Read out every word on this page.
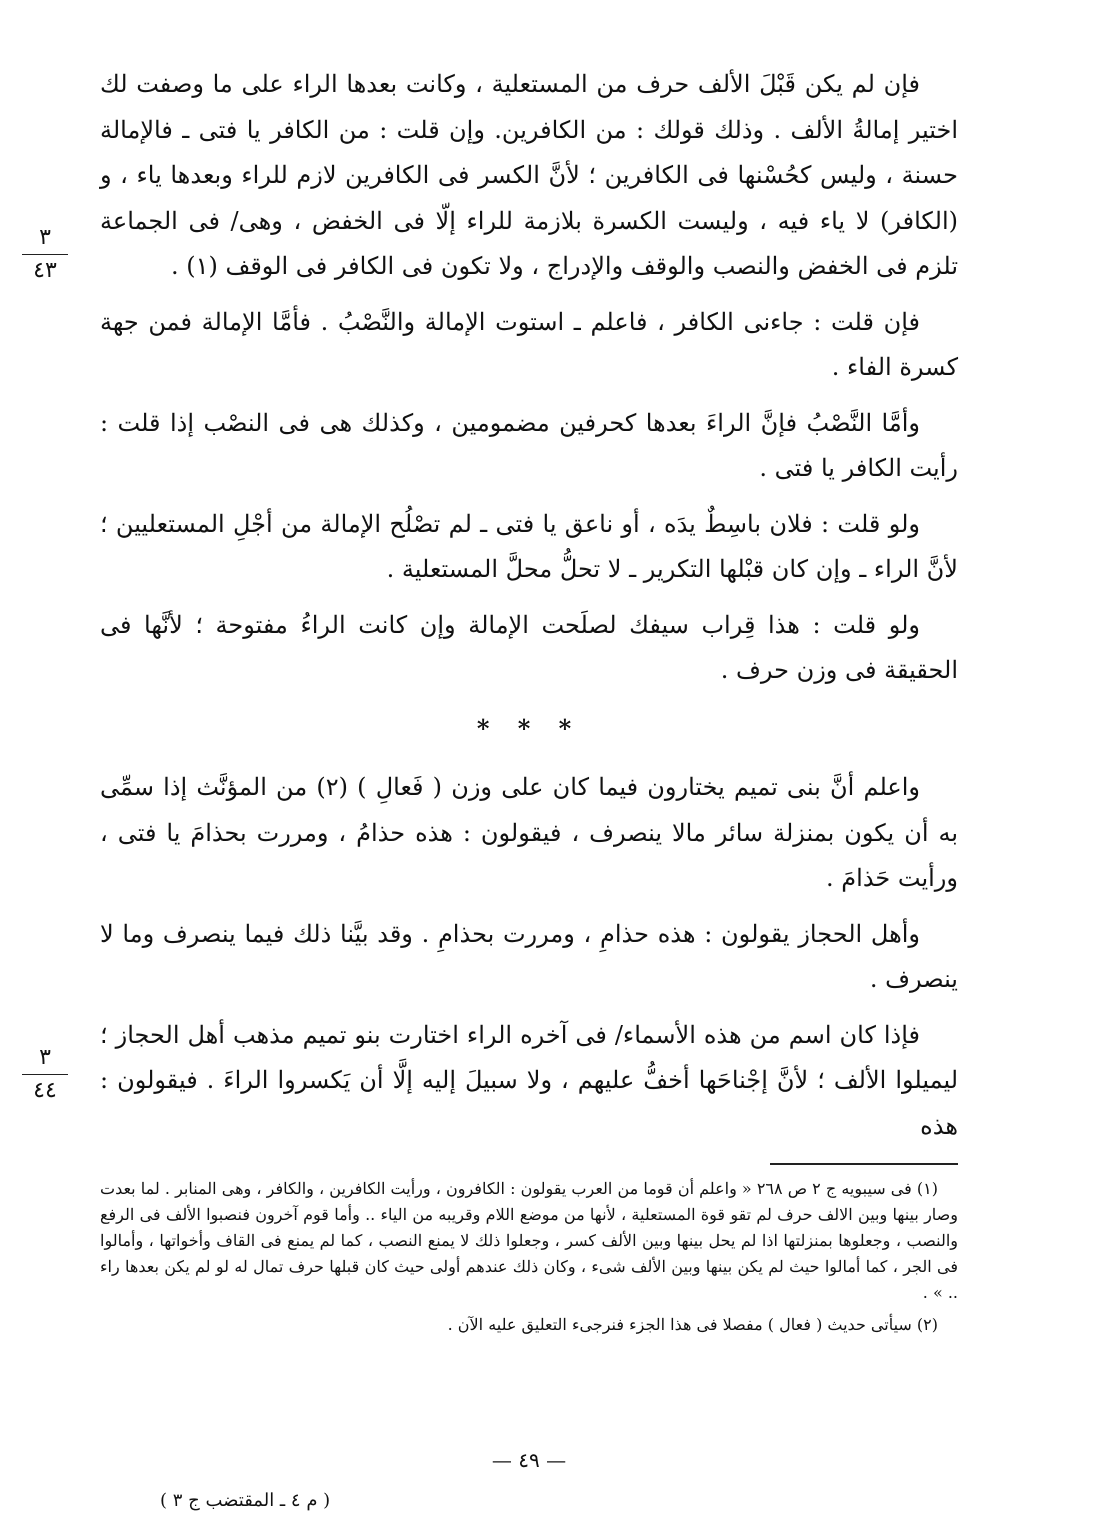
فإن لم يكن قَبْلَ الألف حرف من المستعلية ، وكانت بعدها الراء على ما وصفت لك اختير إمالةُ الألف . وذلك قولك : من الكافرين. وإن قلت : من الكافر يا فتى ـ فالإمالة حسنة ، وليس كحُسْنها فى الكافرين ؛ لأنَّ الكسر فى الكافرين لازم للراء وبعدها ياء ، و (الكافر) لا ياء فيه ، وليست الكسرة بلازمة للراء إلّا فى الخفض ، وهى/ فى الجماعة تلزم فى الخفض والنصب والوقف والإدراج ، ولا تكون فى الكافر فى الوقف (١) .

فإن قلت : جاءنى الكافر ، فاعلم ـ استوت الإمالة والنَّصْبُ . فأمَّا الإمالة فمن جهة كسرة الفاء .

وأمَّا النَّصْبُ فإنَّ الراءَ بعدها كحرفين مضمومين ، وكذلك هى فى النصْب إذا قلت : رأيت الكافر يا فتى .

ولو قلت : فلان باسِطٌ يدَه ، أو ناعق يا فتى ـ لم تصْلُح الإمالة من أجْلِ المستعليين ؛ لأنَّ الراء ـ وإن كان قبْلها التكرير ـ لا تحلُّ محلَّ المستعلية .

ولو قلت : هذا قِراب سيفك لصلَحت الإمالة وإن كانت الراءُ مفتوحة ؛ لأنَّها فى الحقيقة فى وزن حرف .

* * *

واعلم أنَّ بنى تميم يختارون فيما كان على وزن ( فَعالِ ) (٢) من المؤنَّث إذا سمِّى به أن يكون بمنزلة سائر مالا ينصرف ، فيقولون : هذه حذامُ ، ومررت بحذامَ يا فتى ، ورأيت حَذامَ .

وأهل الحجاز يقولون : هذه حذامِ ، ومررت بحذامِ . وقد بيَّنا ذلك فيما ينصرف وما لا ينصرف .

فإذا كان اسم من هذه الأسماء/ فى آخره الراء اختارت بنو تميم مذهب أهل الحجاز ؛ ليميلوا الألف ؛ لأنَّ إجْناحَها أخفُّ عليهم ، ولا سبيلَ إليه إلَّا أن يَكسروا الراءَ . فيقولون : هذه

٣
٤٣
٣
٤٤

(١) فى سيبويه ج ٢ ص ٢٦٨ « واعلم أن قوما من العرب يقولون : الكافرون ، ورأيت الكافرين ، والكافر ، وهى المنابر . لما بعدت وصار بينها وبين الالف حرف لم تقو قوة المستعلية ، لأنها من موضع اللام وقريبه من الياء .. وأما قوم آخرون فنصبوا الألف فى الرفع والنصب ، وجعلوها بمنزلتها اذا لم يحل بينها وبين الألف كسر ، وجعلوا ذلك لا يمنع النصب ، كما لم يمنع فى القاف وأخواتها ، وأمالوا فى الجر ، كما أمالوا حيث لم يكن بينها وبين الألف شىء ، وكان ذلك عندهم أولى حيث كان قبلها حرف تمال له لو لم يكن بعدها راء .. » .

(٢) سيأتى حديث ( فعال ) مفصلا فى هذا الجزء فنرجىء التعليق عليه الآن .

— ٤٩ —
( م ٤ ـ المقتضب ج ٣ )
